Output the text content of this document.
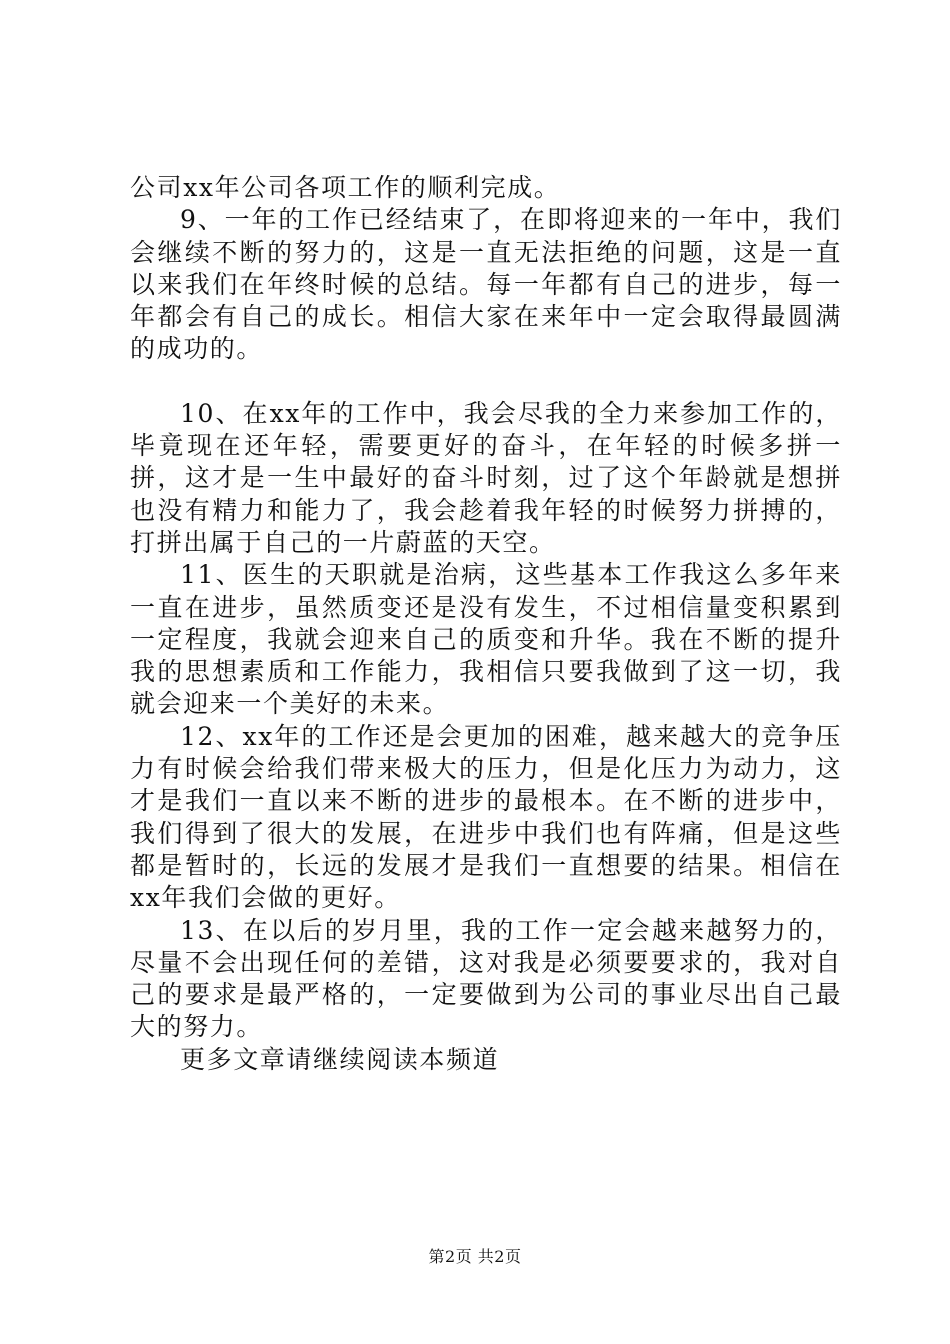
公司xx年公司各项工作的顺利完成。

9、一年的工作已经结束了，在即将迎来的一年中，我们会继续不断的努力的，这是一直无法拒绝的问题，这是一直以来我们在年终时候的总结。每一年都有自己的进步，每一年都会有自己的成长。相信大家在来年中一定会取得最圆满的成功的。

10、在xx年的工作中，我会尽我的全力来参加工作的，毕竟现在还年轻，需要更好的奋斗，在年轻的时候多拼一拼，这才是一生中最好的奋斗时刻，过了这个年龄就是想拼也没有精力和能力了，我会趁着我年轻的时候努力拼搏的，打拼出属于自己的一片蔚蓝的天空。

11、医生的天职就是治病，这些基本工作我这么多年来一直在进步，虽然质变还是没有发生，不过相信量变积累到一定程度，我就会迎来自己的质变和升华。我在不断的提升我的思想素质和工作能力，我相信只要我做到了这一切，我就会迎来一个美好的未来。

12、xx年的工作还是会更加的困难，越来越大的竞争压力有时候会给我们带来极大的压力，但是化压力为动力，这才是我们一直以来不断的进步的最根本。在不断的进步中，我们得到了很大的发展，在进步中我们也有阵痛，但是这些都是暂时的，长远的发展才是我们一直想要的结果。相信在xx年我们会做的更好。

13、在以后的岁月里，我的工作一定会越来越努力的，尽量不会出现任何的差错，这对我是必须要要求的，我对自己的要求是最严格的，一定要做到为公司的事业尽出自己最大的努力。

更多文章请继续阅读本频道

第2页 共2页
